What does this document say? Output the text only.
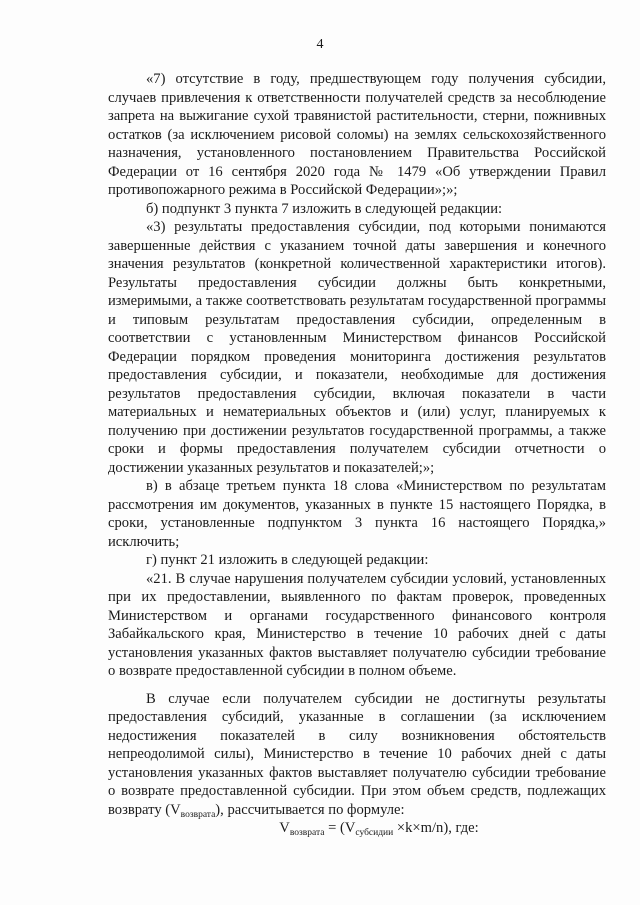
4

«7) отсутствие в году, предшествующем году получения субсидии, случаев привлечения к ответственности получателей средств за несоблюдение запрета на выжигание сухой травянистой растительности, стерни, пожнивных остатков (за исключением рисовой соломы) на землях сельскохозяйственного назначения, установленного постановлением Правительства Российской Федерации от 16 сентября 2020 года № 1479 «Об утверждении Правил противопожарного режима в Российской Федерации»;»;

б) подпункт 3 пункта 7 изложить в следующей редакции:

«3) результаты предоставления субсидии, под которыми понимаются завершенные действия с указанием точной даты завершения и конечного значения результатов (конкретной количественной характеристики итогов). Результаты предоставления субсидии должны быть конкретными, измеримыми, а также соответствовать результатам государственной программы и типовым результатам предоставления субсидии, определенным в соответствии с установленным Министерством финансов Российской Федерации порядком проведения мониторинга достижения результатов предоставления субсидии, и показатели, необходимые для достижения результатов предоставления субсидии, включая показатели в части материальных и нематериальных объектов и (или) услуг, планируемых к получению при достижении результатов государственной программы, а также сроки и формы предоставления получателем субсидии отчетности о достижении указанных результатов и показателей;»;

в) в абзаце третьем пункта 18 слова «Министерством по результатам рассмотрения им документов, указанных в пункте 15 настоящего Порядка, в сроки, установленные подпунктом 3 пункта 16 настоящего Порядка,» исключить;

г) пункт 21 изложить в следующей редакции:

«21. В случае нарушения получателем субсидии условий, установленных при их предоставлении, выявленного по фактам проверок, проведенных Министерством и органами государственного финансового контроля Забайкальского края, Министерство в течение 10 рабочих дней с даты установления указанных фактов выставляет получателю субсидии требование о возврате предоставленной субсидии в полном объеме.

В случае если получателем субсидии не достигнуты результаты предоставления субсидий, указанные в соглашении (за исключением недостижения показателей в силу возникновения обстоятельств непреодолимой силы), Министерство в течение 10 рабочих дней с даты установления указанных фактов выставляет получателю субсидии требование о возврате предоставленной субсидии. При этом объем средств, подлежащих возврату $(V_{возврата})$, рассчитывается по формуле:

$V_{возврата} = (V_{субсидии} \times k\times m/n)$, где:
